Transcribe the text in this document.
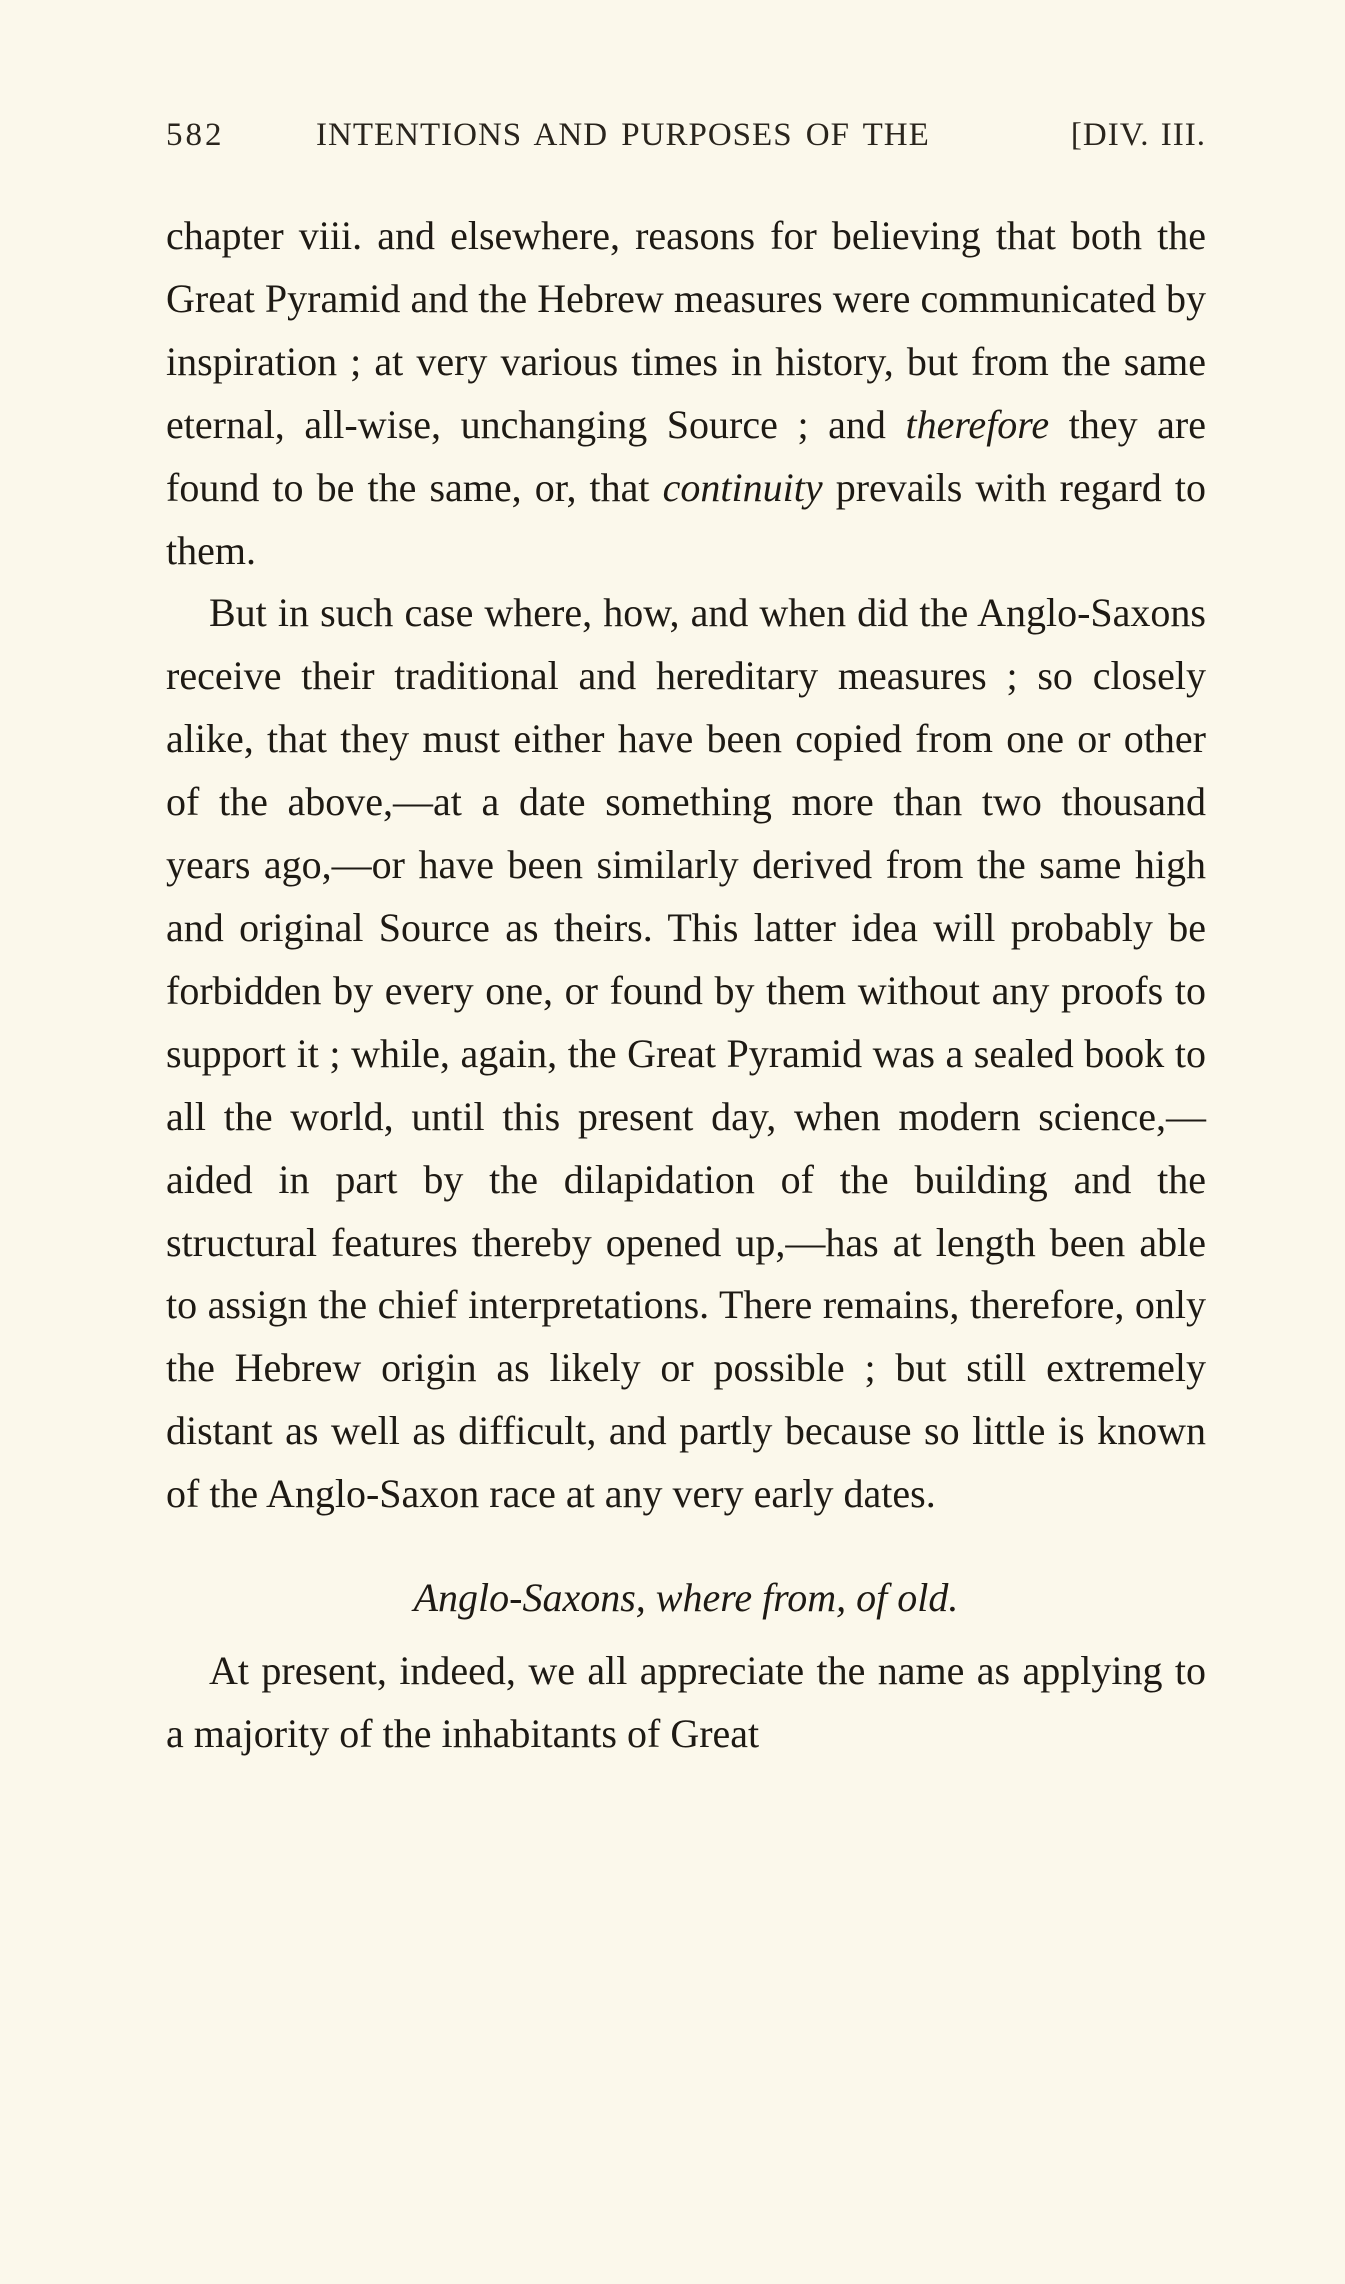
582	INTENTIONS AND PURPOSES OF THE	[DIV. III.

chapter viii. and elsewhere, reasons for believing that both the Great Pyramid and the Hebrew measures were communicated by inspiration ; at very various times in history, but from the same eternal, all-wise, unchanging Source ; and therefore they are found to be the same, or, that continuity prevails with regard to them.

But in such case where, how, and when did the Anglo-Saxons receive their traditional and hereditary measures ; so closely alike, that they must either have been copied from one or other of the above,—at a date something more than two thousand years ago,—or have been similarly derived from the same high and original Source as theirs. This latter idea will probably be forbidden by every one, or found by them without any proofs to support it ; while, again, the Great Pyramid was a sealed book to all the world, until this present day, when modern science,—aided in part by the dilapidation of the building and the structural features thereby opened up,—has at length been able to assign the chief interpretations. There remains, therefore, only the Hebrew origin as likely or possible ; but still extremely distant as well as difficult, and partly because so little is known of the Anglo-Saxon race at any very early dates.

Anglo-Saxons, where from, of old.

At present, indeed, we all appreciate the name as applying to a majority of the inhabitants of Great
